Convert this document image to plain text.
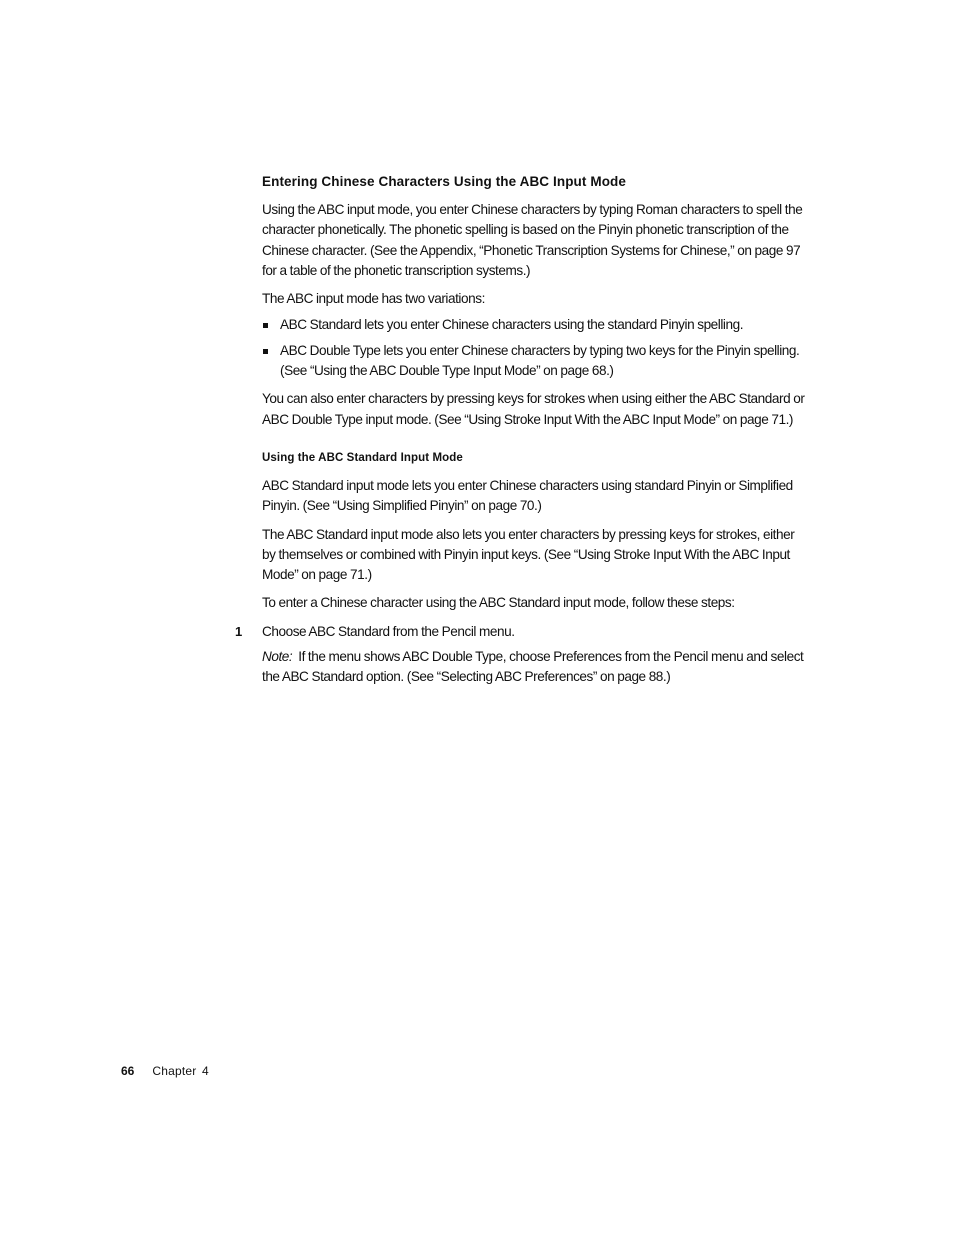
Entering Chinese Characters Using the ABC Input Mode

Using the ABC input mode, you enter Chinese characters by typing Roman characters to spell the character phonetically. The phonetic spelling is based on the Pinyin phonetic transcription of the Chinese character. (See the Appendix, “Phonetic Transcription Systems for Chinese,” on page 97 for a table of the phonetic transcription systems.)

The ABC input mode has two variations:

ABC Standard lets you enter Chinese characters using the standard Pinyin spelling.
ABC Double Type lets you enter Chinese characters by typing two keys for the Pinyin spelling. (See “Using the ABC Double Type Input Mode” on page 68.)

You can also enter characters by pressing keys for strokes when using either the ABC Standard or ABC Double Type input mode. (See “Using Stroke Input With the ABC Input Mode” on page 71.)

Using the ABC Standard Input Mode

ABC Standard input mode lets you enter Chinese characters using standard Pinyin or Simplified Pinyin. (See “Using Simplified Pinyin” on page 70.)

The ABC Standard input mode also lets you enter characters by pressing keys for strokes, either by themselves or combined with Pinyin input keys. (See “Using Stroke Input With the ABC Input Mode” on page 71.)

To enter a Chinese character using the ABC Standard input mode, follow these steps:

1 Choose ABC Standard from the Pencil menu.

Note: If the menu shows ABC Double Type, choose Preferences from the Pencil menu and select the ABC Standard option. (See “Selecting ABC Preferences” on page 88.)

66 Chapter 4
